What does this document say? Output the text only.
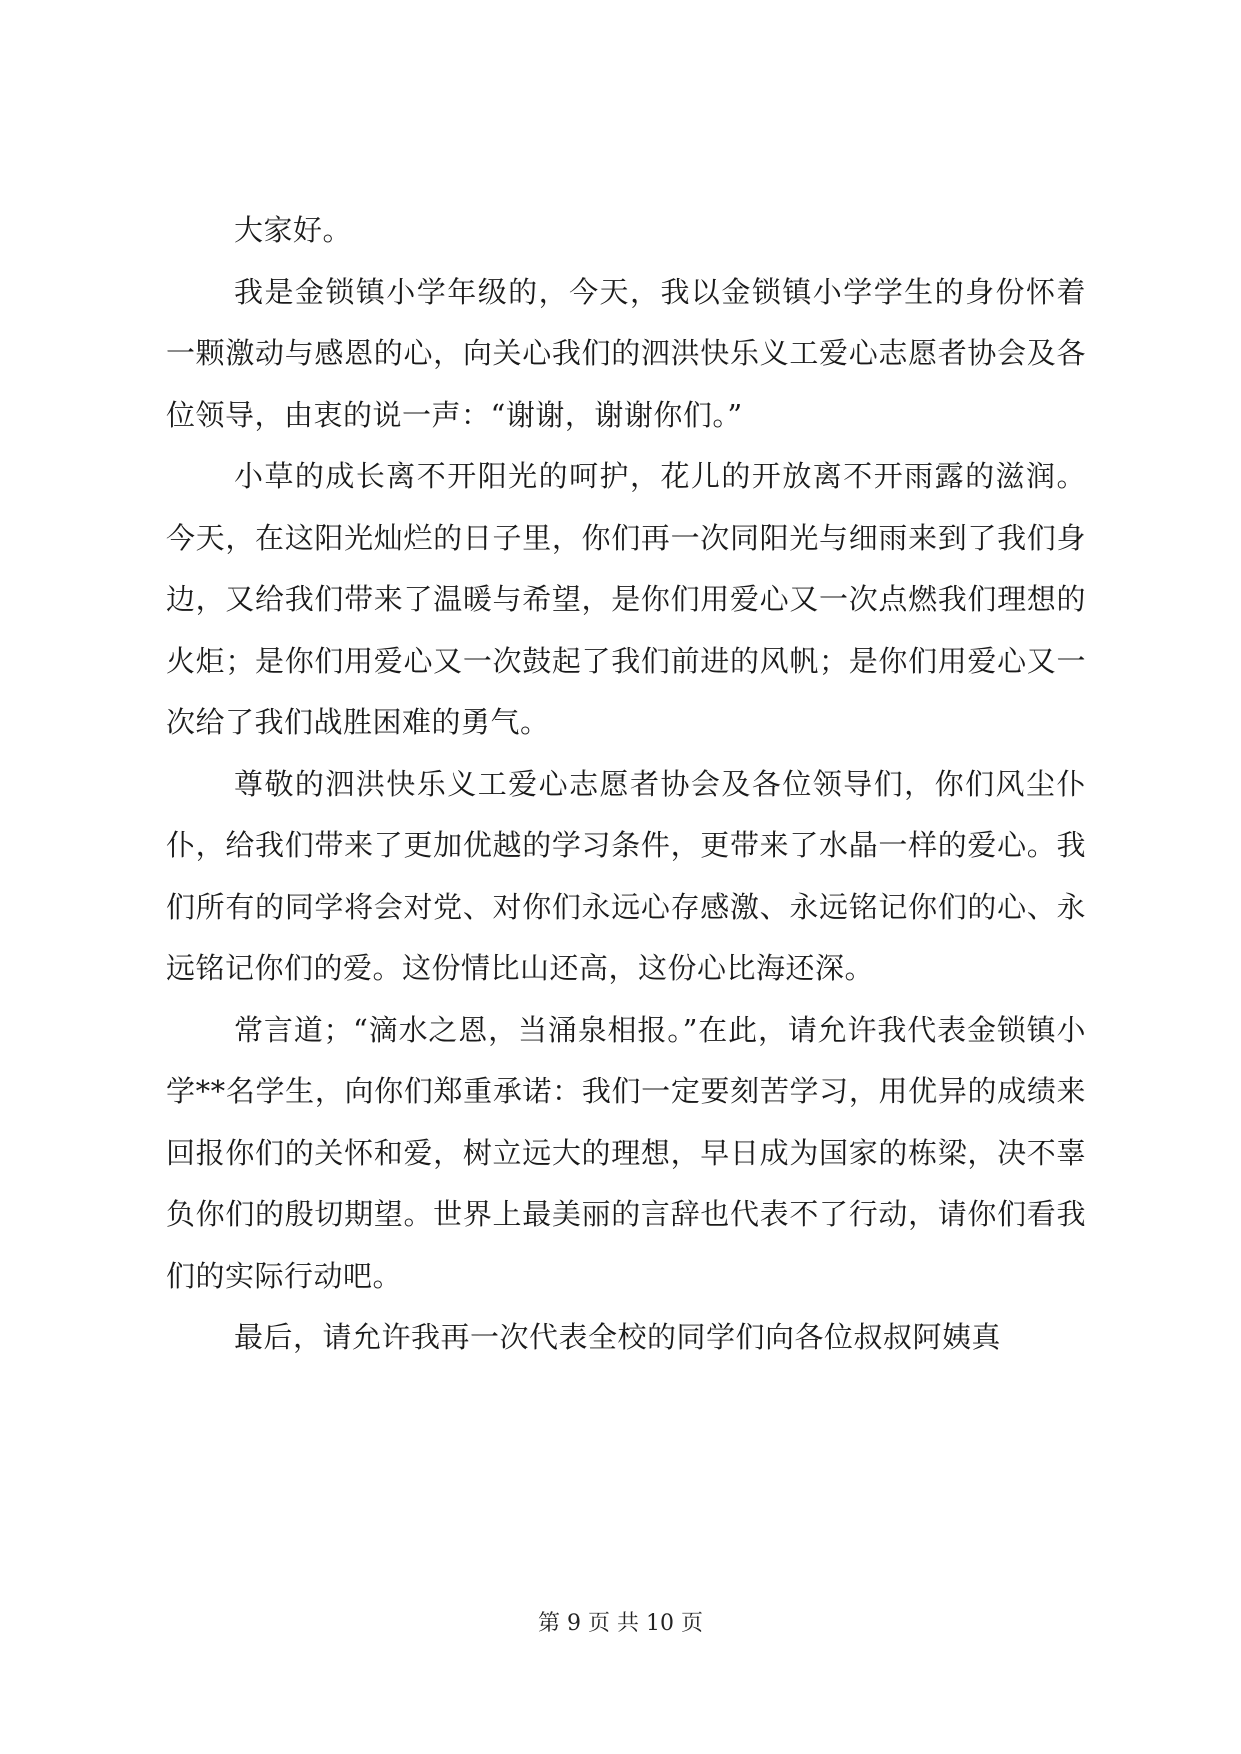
大家好。

我是金锁镇小学年级的，今天，我以金锁镇小学学生的身份怀着一颗激动与感恩的心，向关心我们的泗洪快乐义工爱心志愿者协会及各位领导，由衷的说一声：“谢谢，谢谢你们。”

小草的成长离不开阳光的呵护，花儿的开放离不开雨露的滋润。今天，在这阳光灿烂的日子里，你们再一次同阳光与细雨来到了我们身边，又给我们带来了温暖与希望，是你们用爱心又一次点燃我们理想的火炬；是你们用爱心又一次鼓起了我们前进的风帆；是你们用爱心又一次给了我们战胜困难的勇气。

尊敬的泗洪快乐义工爱心志愿者协会及各位领导们，你们风尘仆仆，给我们带来了更加优越的学习条件，更带来了水晶一样的爱心。我们所有的同学将会对党、对你们永远心存感激、永远铭记你们的心、永远铭记你们的爱。这份情比山还高，这份心比海还深。

常言道；“滴水之恩，当涌泉相报。”在此，请允许我代表金锁镇小学**名学生，向你们郑重承诺：我们一定要刻苦学习，用优异的成绩来回报你们的关怀和爱，树立远大的理想，早日成为国家的栋梁，决不辜负你们的殷切期望。世界上最美丽的言辞也代表不了行动，请你们看我们的实际行动吧。

最后，请允许我再一次代表全校的同学们向各位叔叔阿姨真

第 9 页 共 10 页
